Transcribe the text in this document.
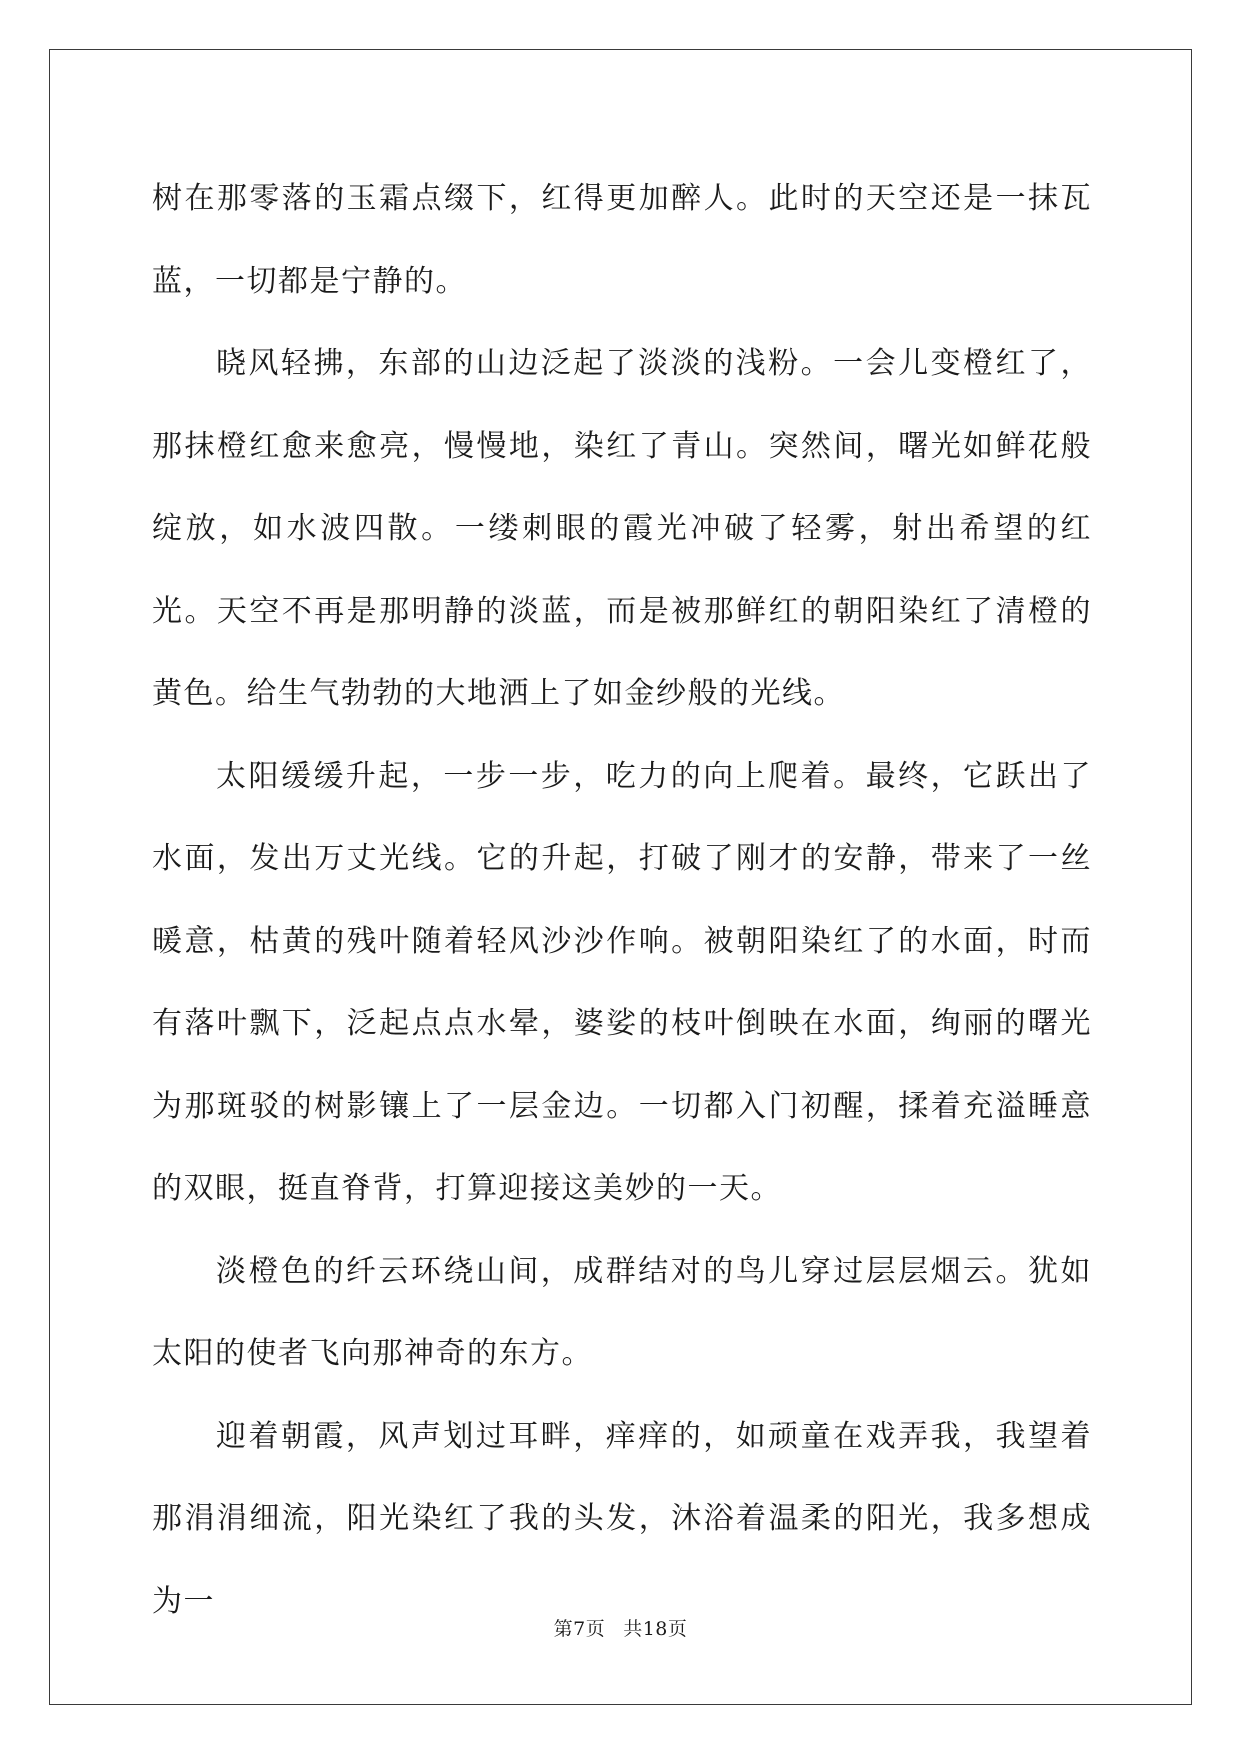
树在那零落的玉霜点缀下，红得更加醉人。此时的天空还是一抹瓦蓝，一切都是宁静的。

晓风轻拂，东部的山边泛起了淡淡的浅粉。一会儿变橙红了，那抹橙红愈来愈亮，慢慢地，染红了青山。突然间，曙光如鲜花般绽放，如水波四散。一缕刺眼的霞光冲破了轻雾，射出希望的红光。天空不再是那明静的淡蓝，而是被那鲜红的朝阳染红了清橙的黄色。给生气勃勃的大地洒上了如金纱般的光线。

太阳缓缓升起，一步一步，吃力的向上爬着。最终，它跃出了水面，发出万丈光线。它的升起，打破了刚才的安静，带来了一丝暖意，枯黄的残叶随着轻风沙沙作响。被朝阳染红了的水面，时而有落叶飘下，泛起点点水晕，婆娑的枝叶倒映在水面，绚丽的曙光为那斑驳的树影镶上了一层金边。一切都入门初醒，揉着充溢睡意的双眼，挺直脊背，打算迎接这美妙的一天。

淡橙色的纤云环绕山间，成群结对的鸟儿穿过层层烟云。犹如太阳的使者飞向那神奇的东方。

迎着朝霞，风声划过耳畔，痒痒的，如顽童在戏弄我，我望着那涓涓细流，阳光染红了我的头发，沐浴着温柔的阳光，我多想成为一

第7页 共18页
